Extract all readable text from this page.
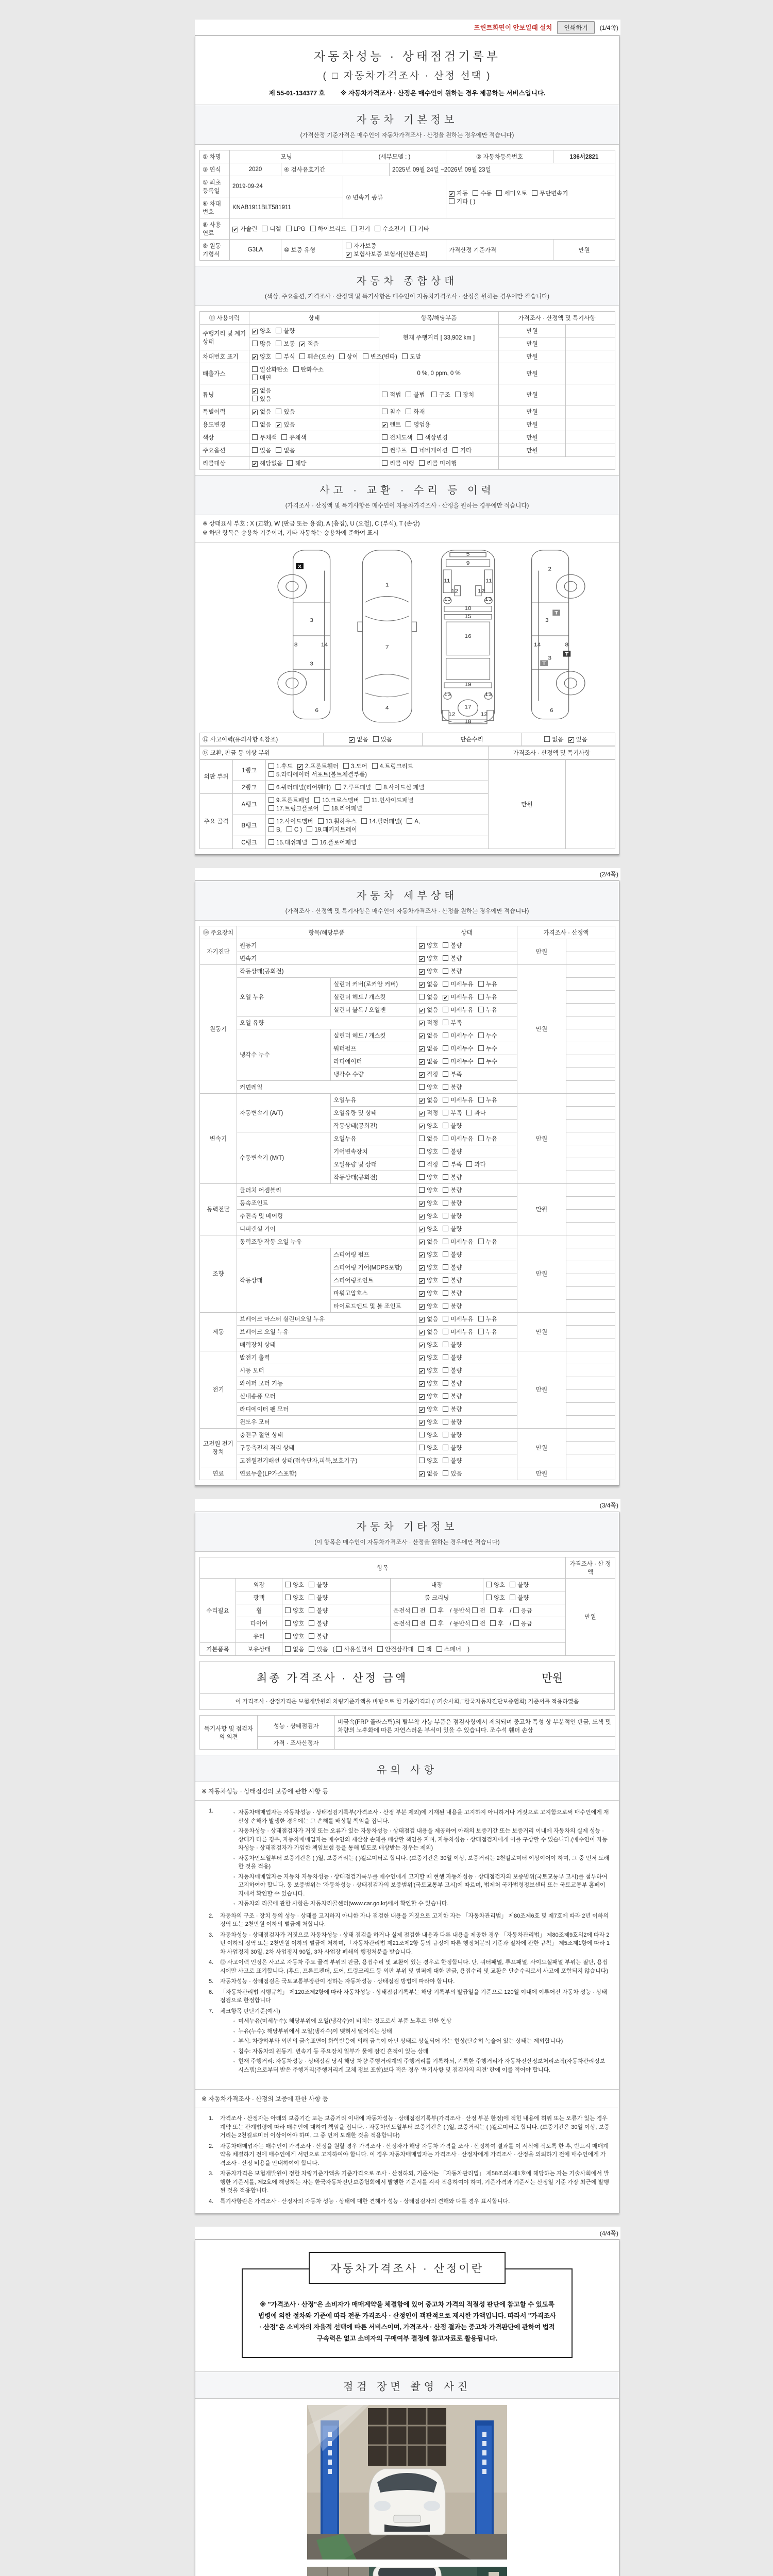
프린트화면이 안보일때 설치	인쇄하기	(1/4쪽)
자동차성능 · 상태점검기록부
( □ 자동차가격조사 · 산정 선택 )
제 55-01-134377 호 ※ 자동차가격조사 · 산정은 매수인이 원하는 경우 제공하는 서비스입니다.
자동차 기본정보
(가격산정 기준가격은 매수인이 자동차가격조사 · 산정을 원하는 경우에만 적습니다)
① 차명	모닝		(세부모델 : )		② 자동차등록번호	136서2821
③ 연식	2020	④ 검사유효기간		2025년 09월 24일 ~2026년 09월 23일		
⑤ 최초 등록일	2019-09-24		⑦ 변속기 종류	✔자동 수동 세미오토 무단변속기
기타 ( )
⑥ 차대 번호	KNAB1911BLT581911					
⑧ 사용 연료	✔가솔린 디젤 LPG 하이브리드 전기 수소전기 기타
⑨ 원동 기형식	G3LA	⑩ 보증 유형	자가보증✔보험사보증 보험사[신한손보]		가격산정 기준가격	만원
자동차 종합상태
(색상, 주요옵션, 가격조사 · 산정액 및 특기사항은 매수인이 자동차가격조사 · 산정을 원하는 경우에만 적습니다)
⑪ 사용이력	상태	항목/해당부품	가격조사 · 산정액 및 특기사항	
주행거리 및 계기상태	✔양호 불량	현재 주행거리 [ 33,902 km ]	만원	
	많음 보통 ✔ 적음		만원	
차대번호 표기	✔양호 부식 훼손(오손) 상이 변조(변타) 도말		만원	
배출가스	일산화탄소 탄화수소
매연	0 %, 0 ppm, 0 %	만원	
튜닝	✔없음
있음	적법 불법 구조 장치	만원	
특별이력	✔없음 있음	침수 화재	만원	
용도변경	없음 ✔ 있음	✔렌트 영업용	만원	
색상	무채색 유채색	전체도색 색상변경	만원	
주요옵션	있음 없음	썬루프 네비게이션 기타	만원	
리콜대상	✔해당없음 해당	리콜 이행 리콜 미이행		
사고 · 교환 · 수리 등 이력
(가격조사 · 산정액 및 특기사항은 매수인이 자동차가격조사 · 산정을 원하는 경우에만 적습니다)
※ 상태표시 부호 : X (교환), W (판금 또는 용접), A (흠집), U (요철), C (부식), T (손상)
※ 하단 항목은 승용차 기준이며, 기타 자동차는 승용차에 준하여 표시
3
8	14
3
6
1
7
4
5
9
11	11
12	12
13	13
10
15
16
19
13	13
12	12
17
18
2
3
8
14
3
6
X
T
T
T
⑫ 사고이력(유의사항 4.참조)	✔없음 있음	단순수리	없음 ✔ 있음
⑬ 교환, 판금 등 이상 부위	가격조사 · 산정액 및 특기사항
외판 부위	1랭크	1.후드 ✔ 2.프론트휀더 3.도어 4.트렁크리드
5.라디에이터 서포트(볼트체결부품)	만원	
	2랭크	6.쿼터패널(리어휀다) 7.루프패널 8.사이드실 패널		
주요 골격	A랭크	9.프론트패널 10.크로스멤버 11.인사이드패널
17.트렁크플로어 18.리어패널		
	B랭크	12.사이드멤버 13.휠하우스 14.필러패널( A,
B, C ) 19.패키지트레이		
	C랭크	15.대쉬패널 16.플로어패널		
(2/4쪽)
자동차 세부상태
(가격조사 · 산정액 및 특기사항은 매수인이 자동차가격조사 · 산정을 원하는 경우에만 적습니다)
⑭ 주요장치	항목/해당부품		상태	가격조사 · 산정액	
자기진단	원동기	✔양호 불량	만원	
	변속기	✔양호 불량	
원동기	작동상태(공회전)	✔양호 불량	만원	
	오일 누유	실린더 커버(로커암 커버)	✔없음 미세누유 누유	
		실린더 헤드 / 개스킷	없음 ✔ 미세누유 누유	
		실린더 블록 / 오일팬	✔없음 미세누유 누유	
	오일 유량	✔적정 부족	
	냉각수 누수	실린더 헤드 / 개스킷	✔없음 미세누수 누수	
		워터펌프	✔없음 미세누수 누수	
		라디에이터	✔없음 미세누수 누수	
		냉각수 수량	✔적정 부족	
	커먼레일		양호 불량		
변속기	자동변속기 (A/T)	오일누유	✔없음 미세누유 누유	만원	
		오일유량 및 상태	✔적정 부족 과다	
		작동상태(공회전)	✔양호 불량	
	수동변속기 (M/T)	오일누유	없음 미세누유 누유		
		기어변속장치	양호 불량		
		오일유량 및 상태	적정 부족 과다		
		작동상태(공회전)	양호 불량		
동력전달	클러치 어셈블리		양호 불량	만원	
	등속조인트	✔양호 불량	
	추진축 및 베어링	✔양호 불량	
	디퍼렌셜 기어	✔양호 불량	
조향	동력조향 작동 오일 누유	✔없음 미세누유 누유	만원	
	작동상태	스티어링 펌프	✔양호 불량	
		스티어링 기어(MDPS포함)	✔양호 불량	
		스티어링조인트	✔양호 불량	
		파워고압호스	✔양호 불량	
		타이로드엔드 및 볼 조인트	✔양호 불량	
제동	브레이크 마스터 실린더오일 누유	✔없음 미세누유 누유	만원	
	브레이크 오일 누유	✔없음 미세누유 누유	
	배력장치 상태	✔양호 불량	
전기	발전기 출력	✔양호 불량	만원	
	시동 모터	✔양호 불량	
	와이퍼 모터 기능	✔양호 불량	
	실내송풍 모터	✔양호 불량	
	라디에이터 팬 모터	✔양호 불량	
	윈도우 모터	✔양호 불량	
고전원 전기장치	충전구 절연 상태		양호 불량	만원	
	구동축전지 격리 상태		양호 불량		
	고전원전기배선 상태(접속단자,피복,보호기구)		양호 불량		
연료	연료누출(LP가스포함)	✔없음 있음	만원	
(3/4쪽)
자동차 기타정보
(이 항목은 매수인이 자동차가격조사 · 산정을 원하는 경우에만 적습니다)
항목					가격조사 · 산 정액
수리필요	외장	양호 불량	내장	양호 불량	만원
	광택	양호 불량	룸 크리닝	양호 불량	
	휠	양호 불량	운전석 전 후 / 동반석 전 후 / 응급		
	타이어	양호 불량	운전석 전 후 / 동반석 전 후 / 응급		
	유리	양호 불량			
기본품목	보유상태	없음 있음 ( 사용설명서 안전삼각대 잭 스패너 )			
최종 가격조사 · 산정 금액	만원
이 가격조사 · 산정가격은 보험개발원의 차량기준가액을 바탕으로 한 기준가격과 (□기술사회,□한국자동차진단보증협회) 기준서를 적용하였음
특기사항 및 점검자의 의견	성능 · 상태점검자	비금속(FRP 플라스틱)의 탈부착 가능 부품은 점검사항에서 제외되며 중고차 특성 상 부분적인 판금, 도색 및 차량의 노후화에 따른 자연스러운 부식이 있을 수 있습니다. 조수석 휀더 손상
	가격 · 조사산정자	
유의 사항
※ 자동차성능 · 상태점검의 보증에 관한 사항 등
1.	◦ 자동차매매업자는 자동차성능 · 상태점검기록부(가격조사 · 산정 부분 제외)에 기재된 내용을 고지하지 아니하거나 거짓으로 고지함으로써 매수인에게 재산상 손해가 발생한 경우에는 그 손해를 배상할 책임을 집니다.
◦ 자동차성능 · 상태점검자가 거짓 또는 오류가 있는 자동차성능 · 상태점검 내용을 제공하여 아래의 보증기간 또는 보증거리 이내에 자동차의 실제 성능 · 상태가 다른 경우, 자동차매매업자는 매수인의 재산상 손해를 배상할 책임을 지며, 자동차성능 · 상태점검자에게 이를 구상할 수 있습니다.(매수인이 자동차성능 · 상태점검자가 가입한 책임보험 등을 통해 별도로 배상받는 경우는 제외)
◦ 자동차인도일부터 보증기간은 ( )일, 보증거리는 ( )킬로미터로 합니다. (보증기간은 30일 이상, 보증거리는 2천킬로미터 이상이어야 하며, 그 중 먼저 도래한 것을 적용)
◦ 자동차매매업자는 자동차 자동차성능 · 상태점검기록부를 매수인에게 고지할 때 현행 자동차성능 · 상태점검자의 보증범위(국토교통부 고시)를 첨부하여 고지하여야 합니다. 동 보증범위는 '자동차성능 · 상태점검자의 보증범위'(국토교통부 고시)에 따르며, 법제처 국가법령정보센터 또는 국토교통부 홈페이지에서 확인할 수 있습니다.
◦ 자동차의 리콜에 관한 사항은 자동차리콜센터(www.car.go.kr)에서 확인할 수 있습니다.
2.	자동차의 구조 · 장치 등의 성능 · 상태를 고지하지 아니한 자나 점검한 내용을 거짓으로 고지한 자는 「자동차관리법」 제80조제6호 및 제7호에 따라 2년 이하의 징역 또는 2천만원 이하의 벌금에 처합니다.
3.	자동차성능 · 상태점검자가 거짓으로 자동차성능 · 상태 점검을 하거나 실제 점검한 내용과 다른 내용을 제공한 경우 「자동차관리법」 제80조제9호의2에 따라 2년 이하의 징역 또는 2천만원 이하의 벌금에 처하며, 「자동차관리법 제21조제2항 등의 규정에 따른 행정처분의 기준과 절차에 관한 규칙」 제5조제1항에 따라 1차 사업정지 30일, 2차 사업정지 90일, 3차 사업장 폐쇄의 행정처분을 받습니다.
4.	⑫ 사고이력 인정은 사고로 자동차 주요 골격 부위의 판금, 용접수리 및 교환이 있는 경우로 한정합니다. 단, 쿼터패널, 루프패널, 사이드실패널 부위는 절단, 용접 시에만 사고로 표기합니다. (후드, 프론트펜더, 도어, 트렁크리드 등 외판 부위 및 범퍼에 대한 판금, 용접수리 및 교환은 단순수리로서 사고에 포함되지 않습니다)
5.	자동차성능 · 상태점검은 국토교통부장관이 정하는 자동차성능 · 상태점검 방법에 따라야 합니다.
6.	「자동차관리법 시행규칙」 제120조제2항에 따라 자동차성능 · 상태점검기록부는 해당 기록부의 발급일을 기준으로 120일 이내에 이루어진 자동차 성능 · 상태점검으로 한정합니다
7.	체크항목 판단기준(예시)
◦ 미세누유(미세누수): 해당부위에 오일(냉각수)이 비치는 정도로서 부품 노후로 인한 현상
◦ 누유(누수): 해당부위에서 오일(냉각수)이 맺혀서 떨어지는 상태
◦ 부식: 차량하부와 외판의 금속표면이 화학반응에 의해 금속이 아닌 상태로 상실되어 가는 현상(단순히 녹슬어 있는 상태는 제외합니다)
◦ 침수: 자동차의 원동기, 변속기 등 주요장치 일부가 물에 잠긴 흔적이 있는 상태
◦ 현재 주행거리: 자동차성능 · 상태점검 당시 해당 차량 주행거리계의 주행거리를 기록하되, 기록한 주행거리가 자동차전산정보처리조직(자동차관리정보시스템)으로부터 받은 주행거리(주행거리계 교체 정보 포함)보다 적은 경우 '특기사항 및 점검자의 의견' 란에 이를 적어야 합니다.
※ 자동차가격조사 · 산정의 보증에 관한 사항 등
1.	가격조사 · 산정자는 아래의 보증기간 또는 보증거리 이내에 자동차성능 · 상태점검기록부(가격조사 · 산정 부분 한정)에 적힌 내용에 허위 또는 오류가 있는 경우 계약 또는 관계법령에 따라 매수인에 대하여 책임을 집니다. · 자동차인도일부터 보증기간은 ( )일, 보증거리는 ( )킬로미터로 합니다. (보증기간은 30일 이상, 보증거리는 2천킬로미터 이상이어야 하며, 그 중 먼저 도래한 것을 적용합니다)
2.	자동차매매업자는 매수인이 가격조사 · 산정을 원할 경우 가격조사 · 산정자가 해당 자동차 가격을 조사 · 산정하여 결과를 이 서식에 적도록 한 후, 반드시 매매계약을 체결하기 전에 매수인에게 서면으로 고지하여야 합니다. 이 경우 자동차매매업자는 가격조사 · 산정자에게 가격조사 · 산정을 의뢰하기 전에 매수인에게 가격조사 · 산정 비용을 안내하여야 합니다.
3.	자동차가격은 보험개발원이 정한 차량기준가액을 기준가격으로 조사 · 산정하되, 기준서는 「자동차관리법」 제58조의4제1호에 해당하는 자는 기술사회에서 발행한 기준서를, 제2호에 해당하는 자는 한국자동차진단보증협회에서 발행한 기준서를 각각 적용하여야 하며, 기준가격과 기준서는 산정일 기준 가장 최근에 발행된 것을 적용합니다.
4.	특기사항란은 가격조사 · 산정자의 자동차 성능 · 상태에 대한 견해가 성능 · 상태점검자의 견해와 다를 경우 표시합니다.
(4/4쪽)
자동차가격조사 · 산정이란
※ "가격조사 · 산정"은 소비자가 매매계약을 체결함에 있어 중고차 가격의 적절성 판단에 참고할 수 있도록 법령에 의한 절차와 기준에 따라 전문 가격조사 · 산정인이 객관적으로 제시한 가액입니다. 따라서 "가격조사 · 산정"은 소비자의 자율적 선택에 따른 서비스이며, 가격조사 · 산정 결과는 중고차 가격판단에 관하여 법적 구속력은 없고 소비자의 구매여부 결정에 참고자료로 활용됩니다.
점검 장면 촬영 사진
